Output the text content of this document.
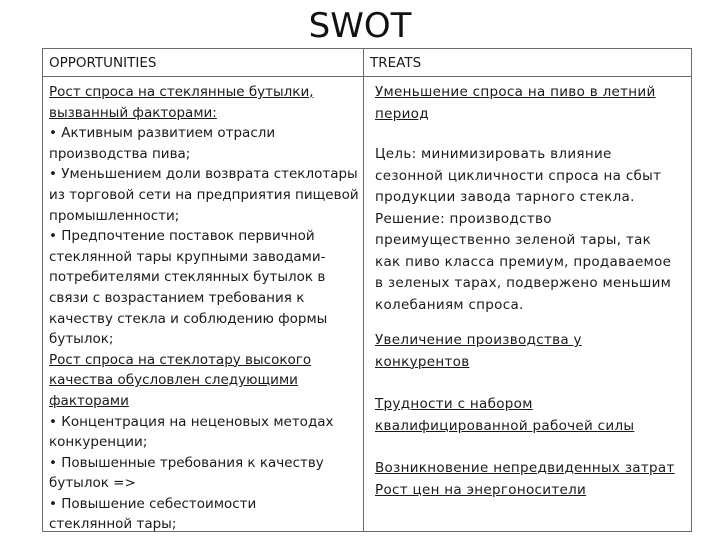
SWOT
OPPORTUNITIES	TREATS
Рост спроса на стеклянные бутылки,
вызванный факторами:
• Активным развитием отрасли
производства пива;
• Уменьшением доли возврата стеклотары
из торговой сети на предприятия пищевой
промышленности;
• Предпочтение поставок первичной
стеклянной тары крупными заводами-
потребителями стеклянных бутылок в
связи с возрастанием требования к
качеству стекла и соблюдению формы
бутылок;
Рост спроса на стеклотару высокого
качества обусловлен следующими
факторами
• Концентрация на неценовых методах
конкуренции;
• Повышенные требования к качеству
бутылок =>
• Повышение себестоимости
стеклянной тары;
Уменьшение спроса на пиво в летний
период
Цель: минимизировать влияние
сезонной цикличности спроса на сбыт
продукции завода тарного стекла.
Решение: производство
преимущественно зеленой тары, так
как пиво класса премиум, продаваемое
в зеленых тарах, подвержено меньшим
колебаниям спроса.
Увеличение производства у
конкурентов
Трудности с набором
квалифицированной рабочей силы
Возникновение непредвиденных затрат
Рост цен на энергоносители
